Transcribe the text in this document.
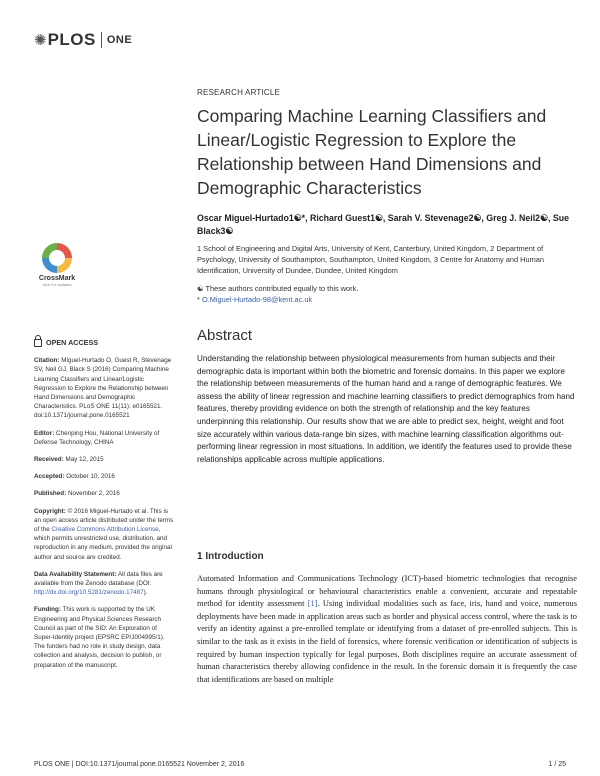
✺ PLOS ONE
RESEARCH ARTICLE
Comparing Machine Learning Classifiers and Linear/Logistic Regression to Explore the Relationship between Hand Dimensions and Demographic Characteristics
Oscar Miguel-Hurtado1☯*, Richard Guest1☯, Sarah V. Stevenage2☯, Greg J. Neil2☯, Sue Black3☯
1 School of Engineering and Digital Arts, University of Kent, Canterbury, United Kingdom, 2 Department of Psychology, University of Southampton, Southampton, United Kingdom, 3 Centre for Anatomy and Human Identification, University of Dundee, Dundee, United Kingdom
☯ These authors contributed equally to this work.
* O.Miguel-Hurtado-98@kent.ac.uk
CrossMark
click for updates
OPEN ACCESS

Citation: Miguel-Hurtado O, Guest R, Stevenage SV, Neil GJ, Black S (2016) Comparing Machine Learning Classifiers and Linear/Logistic Regression to Explore the Relationship between Hand Dimensions and Demographic Characteristics. PLoS ONE 11(11): e0165521. doi:10.1371/journal.pone.0165521

Editor: Chenping Hou, National University of Defense Technology, CHINA

Received: May 12, 2015

Accepted: October 10, 2016

Published: November 2, 2016

Copyright: © 2016 Miguel-Hurtado et al. This is an open access article distributed under the terms of the Creative Commons Attribution License, which permits unrestricted use, distribution, and reproduction in any medium, provided the original author and source are credited.

Data Availability Statement: All data files are available from the Zenodo database (DOI: http://dx.doi.org/10.5281/zenodo.17487).

Funding: This work is supported by the UK Engineering and Physical Sciences Research Council as part of the SID: An Exploration of Super-Identity project (EPSRC EP/J004995/1). The funders had no role in study design, data collection and analysis, decision to publish, or preparation of the manuscript.

Abstract
Understanding the relationship between physiological measurements from human subjects and their demographic data is important within both the biometric and forensic domains. In this paper we explore the relationship between measurements of the human hand and a range of demographic features. We assess the ability of linear regression and machine learning classifiers to predict demographics from hand features, thereby providing evidence on both the strength of relationship and the key features underpinning this relationship. Our results show that we are able to predict sex, height, weight and foot size accurately within various data-range bin sizes, with machine learning classification algorithms out-performing linear regression in most situations. In addition, we identify the features used to provide these relationships applicable across multiple applications.
1 Introduction
Automated Information and Communications Technology (ICT)-based biometric technologies that recognise humans through physiological or behavioural characteristics enable a convenient, accurate and repeatable method for identity assessment [1]. Using individual modalities such as face, iris, hand and voice, numerous deployments have been made in application areas such as border and physical access control, where the task is to verify an identity against a pre-enrolled template or identifying from a dataset of pre-enrolled subjects. This is similar to the task as it exists in the field of forensics, where forensic verification or identification of subjects is required by human inspection typically for legal purposes. Both disciplines require an accurate assessment of human characteristics thereby allowing confidence in the result. In the forensic domain it is frequently the case that identifications are based on multiple
PLOS ONE | DOI:10.1371/journal.pone.0165521 November 2, 2016	1 / 25
